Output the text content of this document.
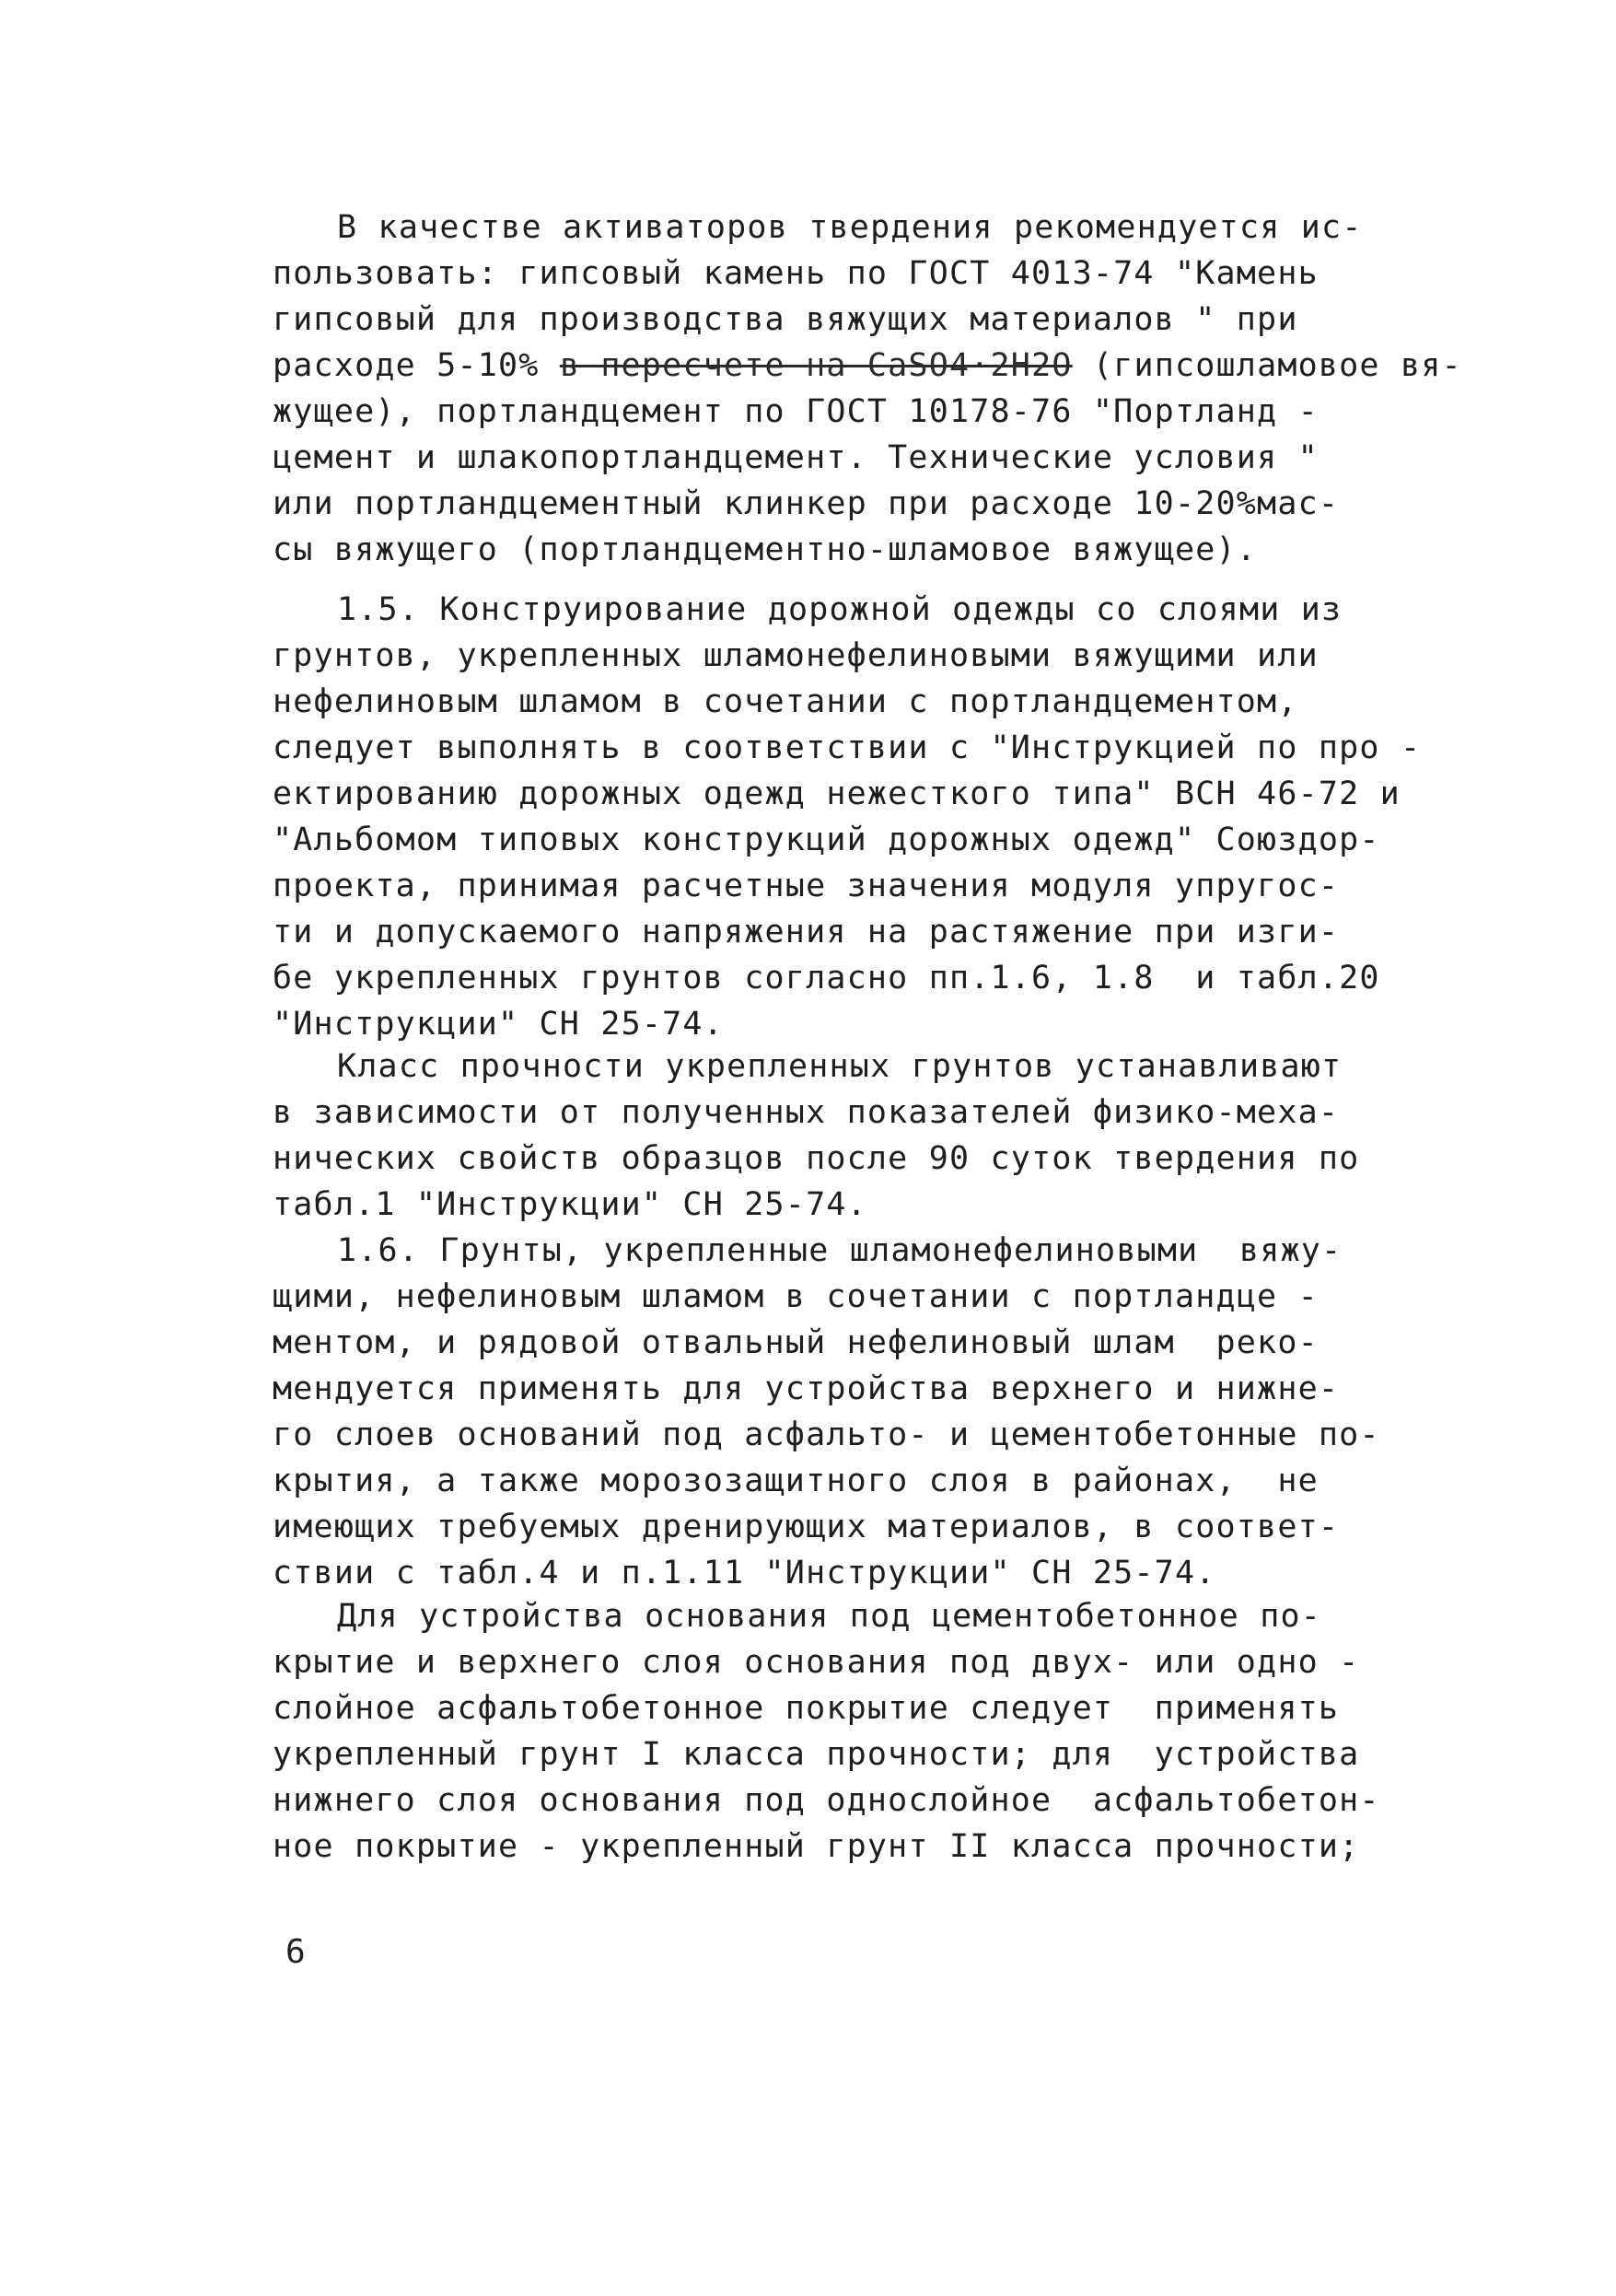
В качестве активаторов твердения рекомендуется ис-
пользовать: гипсовый камень по ГОСТ 4013-74 "Камень
гипсовый для производства вяжущих материалов " при
расходе 5-10% в пересчете на CaSO4·2H2O (гипсошламовое вя-
жущее), портландцемент по ГОСТ 10178-76 "Портланд -
цемент и шлакопортландцемент. Технические условия "
или портландцементный клинкер при расходе 10-20%мас-
сы вяжущего (портландцементно-шламовое вяжущее).
1.5. Конструирование дорожной одежды со слоями из
грунтов, укрепленных шламонефелиновыми вяжущими или
нефелиновым шламом в сочетании с портландцементом,
следует выполнять в соответствии с "Инструкцией по про -
ектированию дорожных одежд нежесткого типа" ВСН 46-72 и
"Альбомом типовых конструкций дорожных одежд" Союздор-
проекта, принимая расчетные значения модуля упругос-
ти и допускаемого напряжения на растяжение при изги-
бе укрепленных грунтов согласно пп.1.6, 1.8  и табл.20
"Инструкции" СН 25-74.
Класс прочности укрепленных грунтов устанавливают
в зависимости от полученных показателей физико-меха-
нических свойств образцов после 90 суток твердения по
табл.1 "Инструкции" СН 25-74.
1.6. Грунты, укрепленные шламонефелиновыми  вяжу-
щими, нефелиновым шламом в сочетании с портландце -
ментом, и рядовой отвальный нефелиновый шлам  реко-
мендуется применять для устройства верхнего и нижне-
го слоев оснований под асфальто- и цементобетонные по-
крытия, а также морозозащитного слоя в районах,  не
имеющих требуемых дренирующих материалов, в соответ-
ствии с табл.4 и п.1.11 "Инструкции" СН 25-74.
Для устройства основания под цементобетонное по-
крытие и верхнего слоя основания под двух- или одно -
слойное асфальтобетонное покрытие следует  применять
укрепленный грунт I класса прочности; для  устройства
нижнего слоя основания под однослойное  асфальтобетон-
ное покрытие - укрепленный грунт II класса прочности;

6
